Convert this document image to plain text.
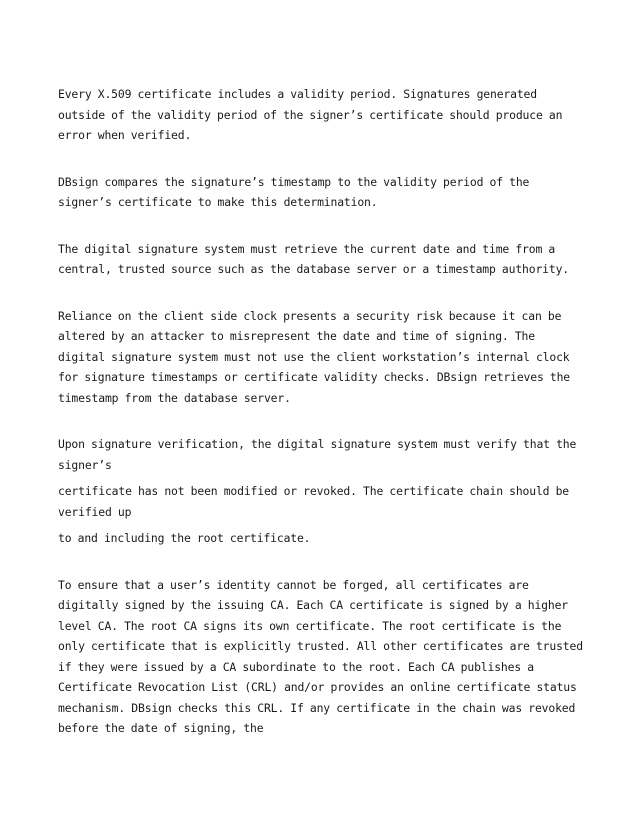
Every X.509 certificate includes a validity period. Signatures generated outside of the validity period of the signer’s certificate should produce an error when verified.

DBsign compares the signature’s timestamp to the validity period of the signer’s certificate to make this determination.

The digital signature system must retrieve the current date and time from a central, trusted source such as the database server or a timestamp authority.

Reliance on the client side clock presents a security risk because it can be altered by an attacker to misrepresent the date and time of signing. The digital signature system must not use the client workstation’s internal clock for signature timestamps or certificate validity checks. DBsign retrieves the timestamp from the database server.

Upon signature verification, the digital signature system must verify that the signer’s

certificate has not been modified or revoked. The certificate chain should be verified up

to and including the root certificate.

To ensure that a user’s identity cannot be forged, all certificates are digitally signed by the issuing CA. Each CA certificate is signed by a higher level CA. The root CA signs its own certificate. The root certificate is the only certificate that is explicitly trusted. All other certificates are trusted if they were issued by a CA subordinate to the root. Each CA publishes a Certificate Revocation List (CRL) and/or provides an online certificate status mechanism. DBsign checks this CRL. If any certificate in the chain was revoked before the date of signing, the
